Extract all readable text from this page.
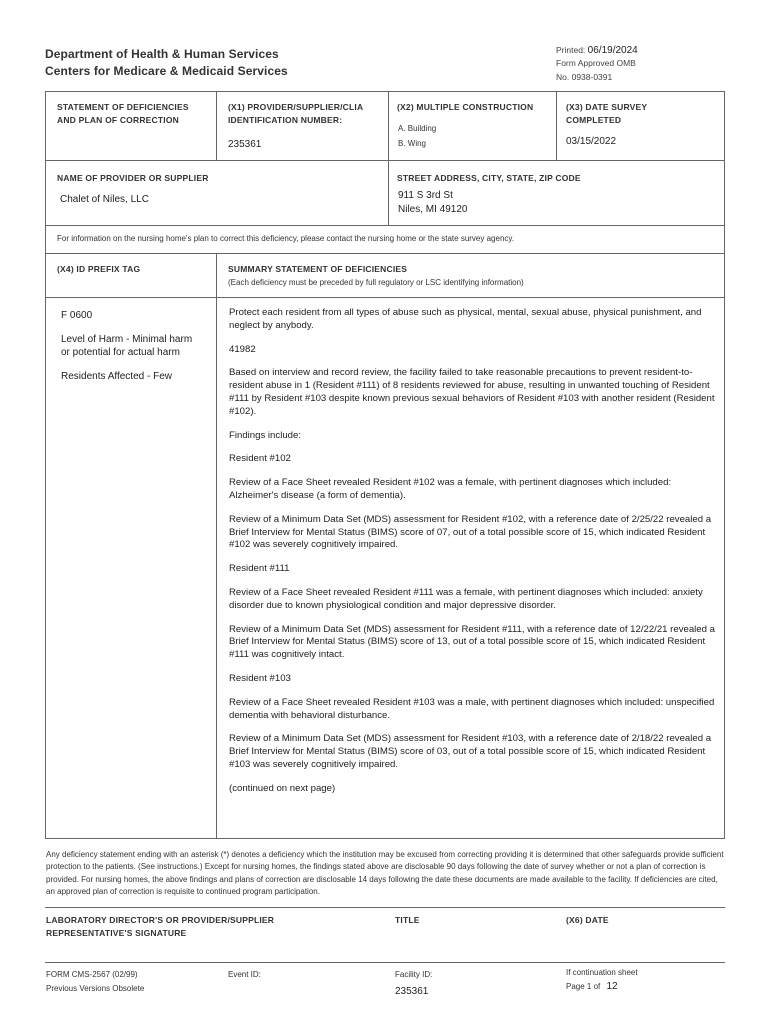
Department of Health & Human Services
Centers for Medicare & Medicaid Services
Printed: 06/19/2024
Form Approved OMB
No. 0938-0391
STATEMENT OF DEFICIENCIES
AND PLAN OF CORRECTION
(X1) PROVIDER/SUPPLIER/CLIA
IDENTIFICATION NUMBER:
235361
(X2) MULTIPLE CONSTRUCTION
A. Building
B. Wing
(X3) DATE SURVEY
COMPLETED
03/15/2022
NAME OF PROVIDER OR SUPPLIER
Chalet of Niles, LLC
STREET ADDRESS, CITY, STATE, ZIP CODE
911 S 3rd St
Niles, MI 49120
For information on the nursing home's plan to correct this deficiency, please contact the nursing home or the state survey agency.
(X4) ID PREFIX TAG	SUMMARY STATEMENT OF DEFICIENCIES
(Each deficiency must be preceded by full regulatory or LSC identifying information)
F 0600
Level of Harm - Minimal harm
or potential for actual harm
Residents Affected - Few

Protect each resident from all types of abuse such as physical, mental, sexual abuse, physical punishment, and neglect by anybody.

41982

Based on interview and record review, the facility failed to take reasonable precautions to prevent resident-to-resident abuse in 1 (Resident #111) of 8 residents reviewed for abuse, resulting in unwanted touching of Resident #111 by Resident #103 despite known previous sexual behaviors of Resident #103 with another resident (Resident #102).

Findings include:

Resident #102

Review of a Face Sheet revealed Resident #102 was a female, with pertinent diagnoses which included: Alzheimer's disease (a form of dementia).

Review of a Minimum Data Set (MDS) assessment for Resident #102, with a reference date of 2/25/22 revealed a Brief Interview for Mental Status (BIMS) score of 07, out of a total possible score of 15, which indicated Resident #102 was severely cognitively impaired.

Resident #111

Review of a Face Sheet revealed Resident #111 was a female, with pertinent diagnoses which included: anxiety disorder due to known physiological condition and major depressive disorder.

Review of a Minimum Data Set (MDS) assessment for Resident #111, with a reference date of 12/22/21 revealed a Brief Interview for Mental Status (BIMS) score of 13, out of a total possible score of 15, which indicated Resident #111 was cognitively intact.

Resident #103

Review of a Face Sheet revealed Resident #103 was a male, with pertinent diagnoses which included: unspecified dementia with behavioral disturbance.

Review of a Minimum Data Set (MDS) assessment for Resident #103, with a reference date of 2/18/22 revealed a Brief Interview for Mental Status (BIMS) score of 03, out of a total possible score of 15, which indicated Resident #103 was severely cognitively impaired.

(continued on next page)

Any deficiency statement ending with an asterisk (*) denotes a deficiency which the institution may be excused from correcting providing it is determined that other safeguards provide sufficient protection to the patients. (See instructions.) Except for nursing homes, the findings stated above are disclosable 90 days following the date of survey whether or not a plan of correction is provided. For nursing homes, the above findings and plans of correction are disclosable 14 days following the date these documents are made available to the facility. If deficiencies are cited, an approved plan of correction is requisite to continued program participation.
LABORATORY DIRECTOR'S OR PROVIDER/SUPPLIER
REPRESENTATIVE'S SIGNATURE
TITLE	(X6) DATE
FORM CMS-2567 (02/99)
Previous Versions Obsolete
Event ID:	Facility ID:
235361
If continuation sheet
Page 1 of 12
